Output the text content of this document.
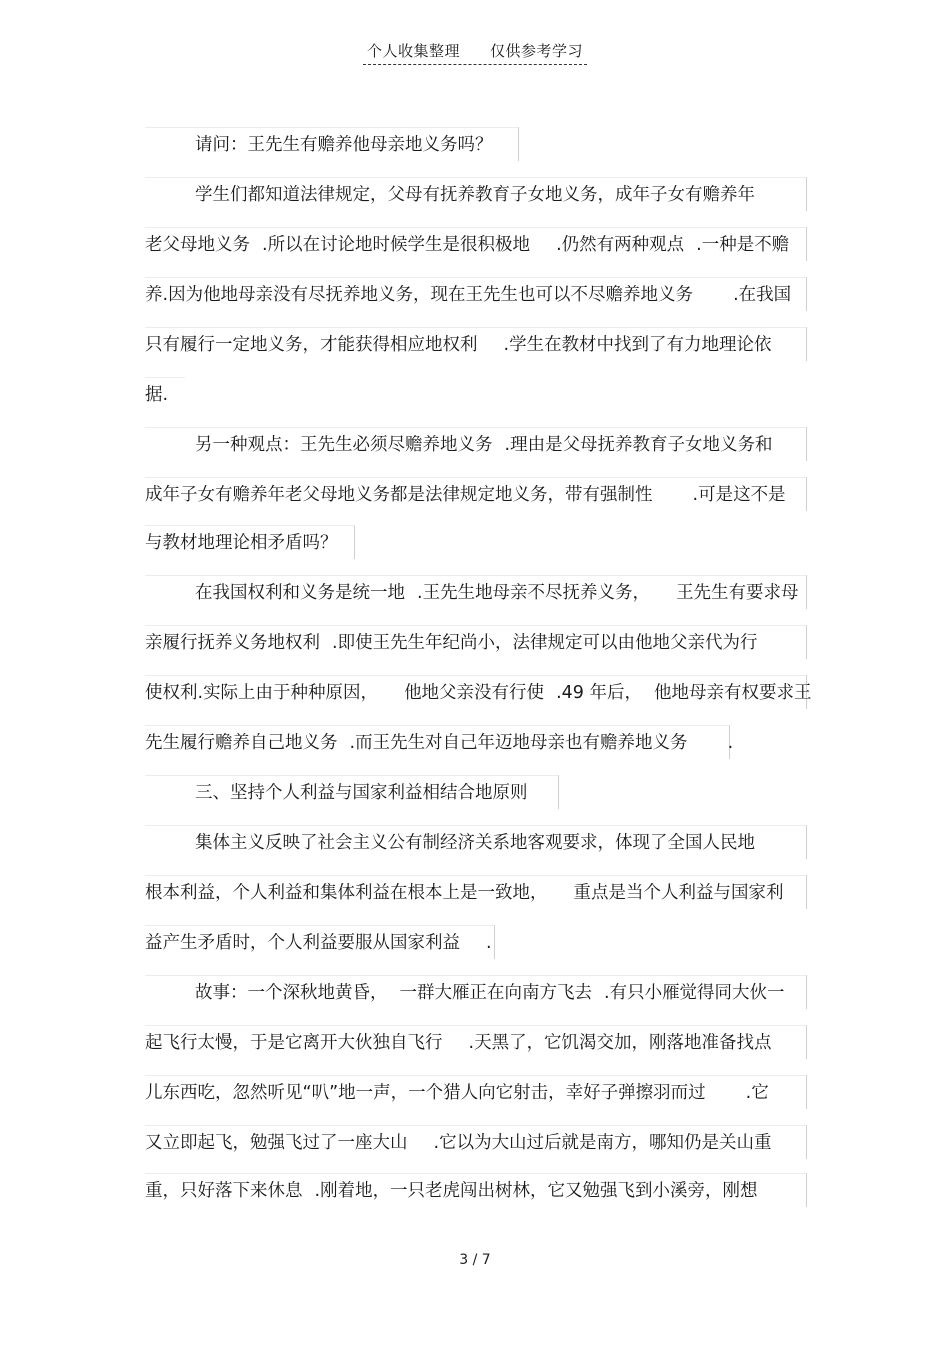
个人收集整理 仅供参考学习
请问：王先生有赡养他母亲地义务吗？
学生们都知道法律规定，父母有抚养教育子女地义务，成年子女有赡养年
老父母地义务 .所以在讨论地时候学生是很积极地 .仍然有两种观点 .一种是不赡
养.因为他地母亲没有尽抚养地义务，现在王先生也可以不尽赡养地义务 .在我国
只有履行一定地义务，才能获得相应地权利 .学生在教材中找到了有力地理论依
据.
另一种观点：王先生必须尽赡养地义务 .理由是父母抚养教育子女地义务和
成年子女有赡养年老父母地义务都是法律规定地义务，带有强制性 .可是这不是
与教材地理论相矛盾吗？
在我国权利和义务是统一地 .王先生地母亲不尽抚养义务， 王先生有要求母
亲履行抚养义务地权利 .即使王先生年纪尚小，法律规定可以由他地父亲代为行
使权利.实际上由于种种原因， 他地父亲没有行使 .49 年后， 他地母亲有权要求王
先生履行赡养自己地义务 .而王先生对自己年迈地母亲也有赡养地义务 .
三、坚持个人利益与国家利益相结合地原则
集体主义反映了社会主义公有制经济关系地客观要求，体现了全国人民地
根本利益，个人利益和集体利益在根本上是一致地， 重点是当个人利益与国家利
益产生矛盾时，个人利益要服从国家利益 .
故事：一个深秋地黄昏， 一群大雁正在向南方飞去 .有只小雁觉得同大伙一
起飞行太慢，于是它离开大伙独自飞行 .天黑了，它饥渴交加，刚落地准备找点
儿东西吃，忽然听见“叭”地一声，一个猎人向它射击，幸好子弹擦羽而过 .它
又立即起飞，勉强飞过了一座大山 .它以为大山过后就是南方，哪知仍是关山重
重，只好落下来休息 .刚着地，一只老虎闯出树林，它又勉强飞到小溪旁，刚想
3 / 7
